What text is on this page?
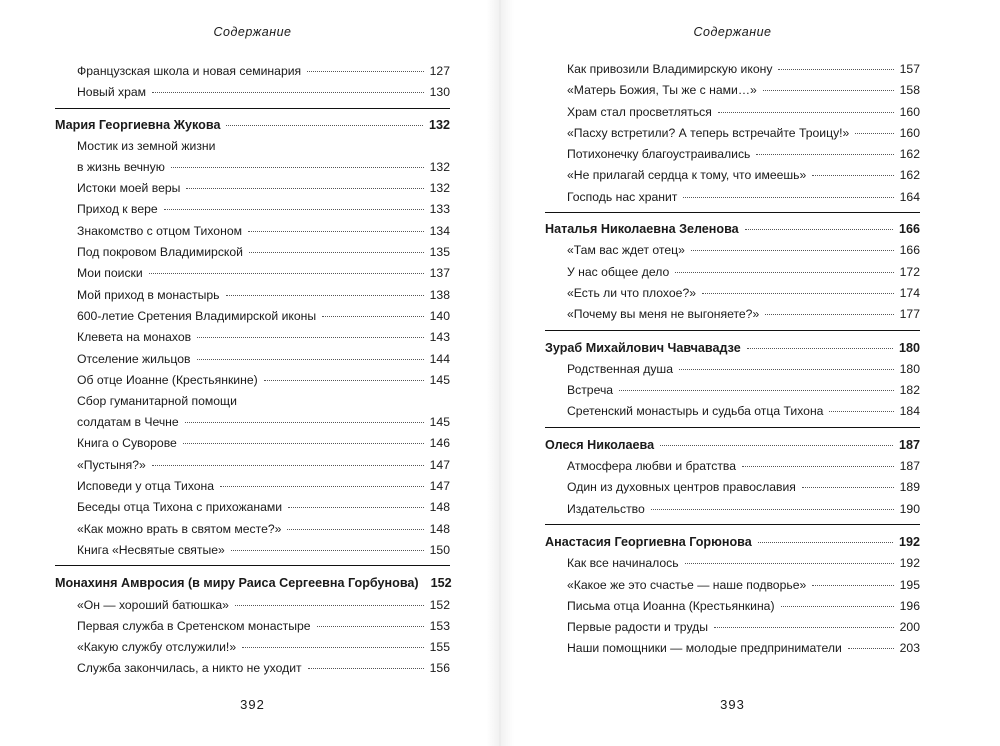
Содержание
Французская школа и новая семинария	127
Новый храм	130
Мария Георгиевна Жукова	132
Мостик из земной жизни
в жизнь вечную	132
Истоки моей веры	132
Приход к вере	133
Знакомство с отцом Тихоном	134
Под покровом Владимирской	135
Мои поиски	137
Мой приход в монастырь	138
600-летие Сретения Владимирской иконы	140
Клевета на монахов	143
Отселение жильцов	144
Об отце Иоанне (Крестьянкине)	145
Сбор гуманитарной помощи
солдатам в Чечне	145
Книга о Суворове	146
«Пустыня?»	147
Исповеди у отца Тихона	147
Беседы отца Тихона с прихожанами	148
«Как можно врать в святом месте?»	148
Книга «Несвятые святые»	150
Монахиня Амвросия (в миру Раиса Сергеевна Горбунова) 152
«Он — хороший батюшка»	152
Первая служба в Сретенском монастыре	153
«Какую службу отслужили!»	155
Служба закончилась, а никто не уходит	156
392
Содержание
Как привозили Владимирскую икону	157
«Матерь Божия, Ты же с нами…»	158
Храм стал просветляться	160
«Пасху встретили? А теперь встречайте Троицу!»	160
Потихонечку благоустраивались	162
«Не прилагай сердца к тому, что имеешь»	162
Господь нас хранит	164
Наталья Николаевна Зеленова	166
«Там вас ждет отец»	166
У нас общее дело	172
«Есть ли что плохое?»	174
«Почему вы меня не выгоняете?»	177
Зураб Михайлович Чавчавадзе	180
Родственная душа	180
Встреча	182
Сретенский монастырь и судьба отца Тихона	184
Олеся Николаева	187
Атмосфера любви и братства	187
Один из духовных центров православия	189
Издательство	190
Анастасия Георгиевна Горюнова	192
Как все начиналось	192
«Какое же это счастье — наше подворье»	195
Письма отца Иоанна (Крестьянкина)	196
Первые радости и труды	200
Наши помощники — молодые предприниматели	203
393
